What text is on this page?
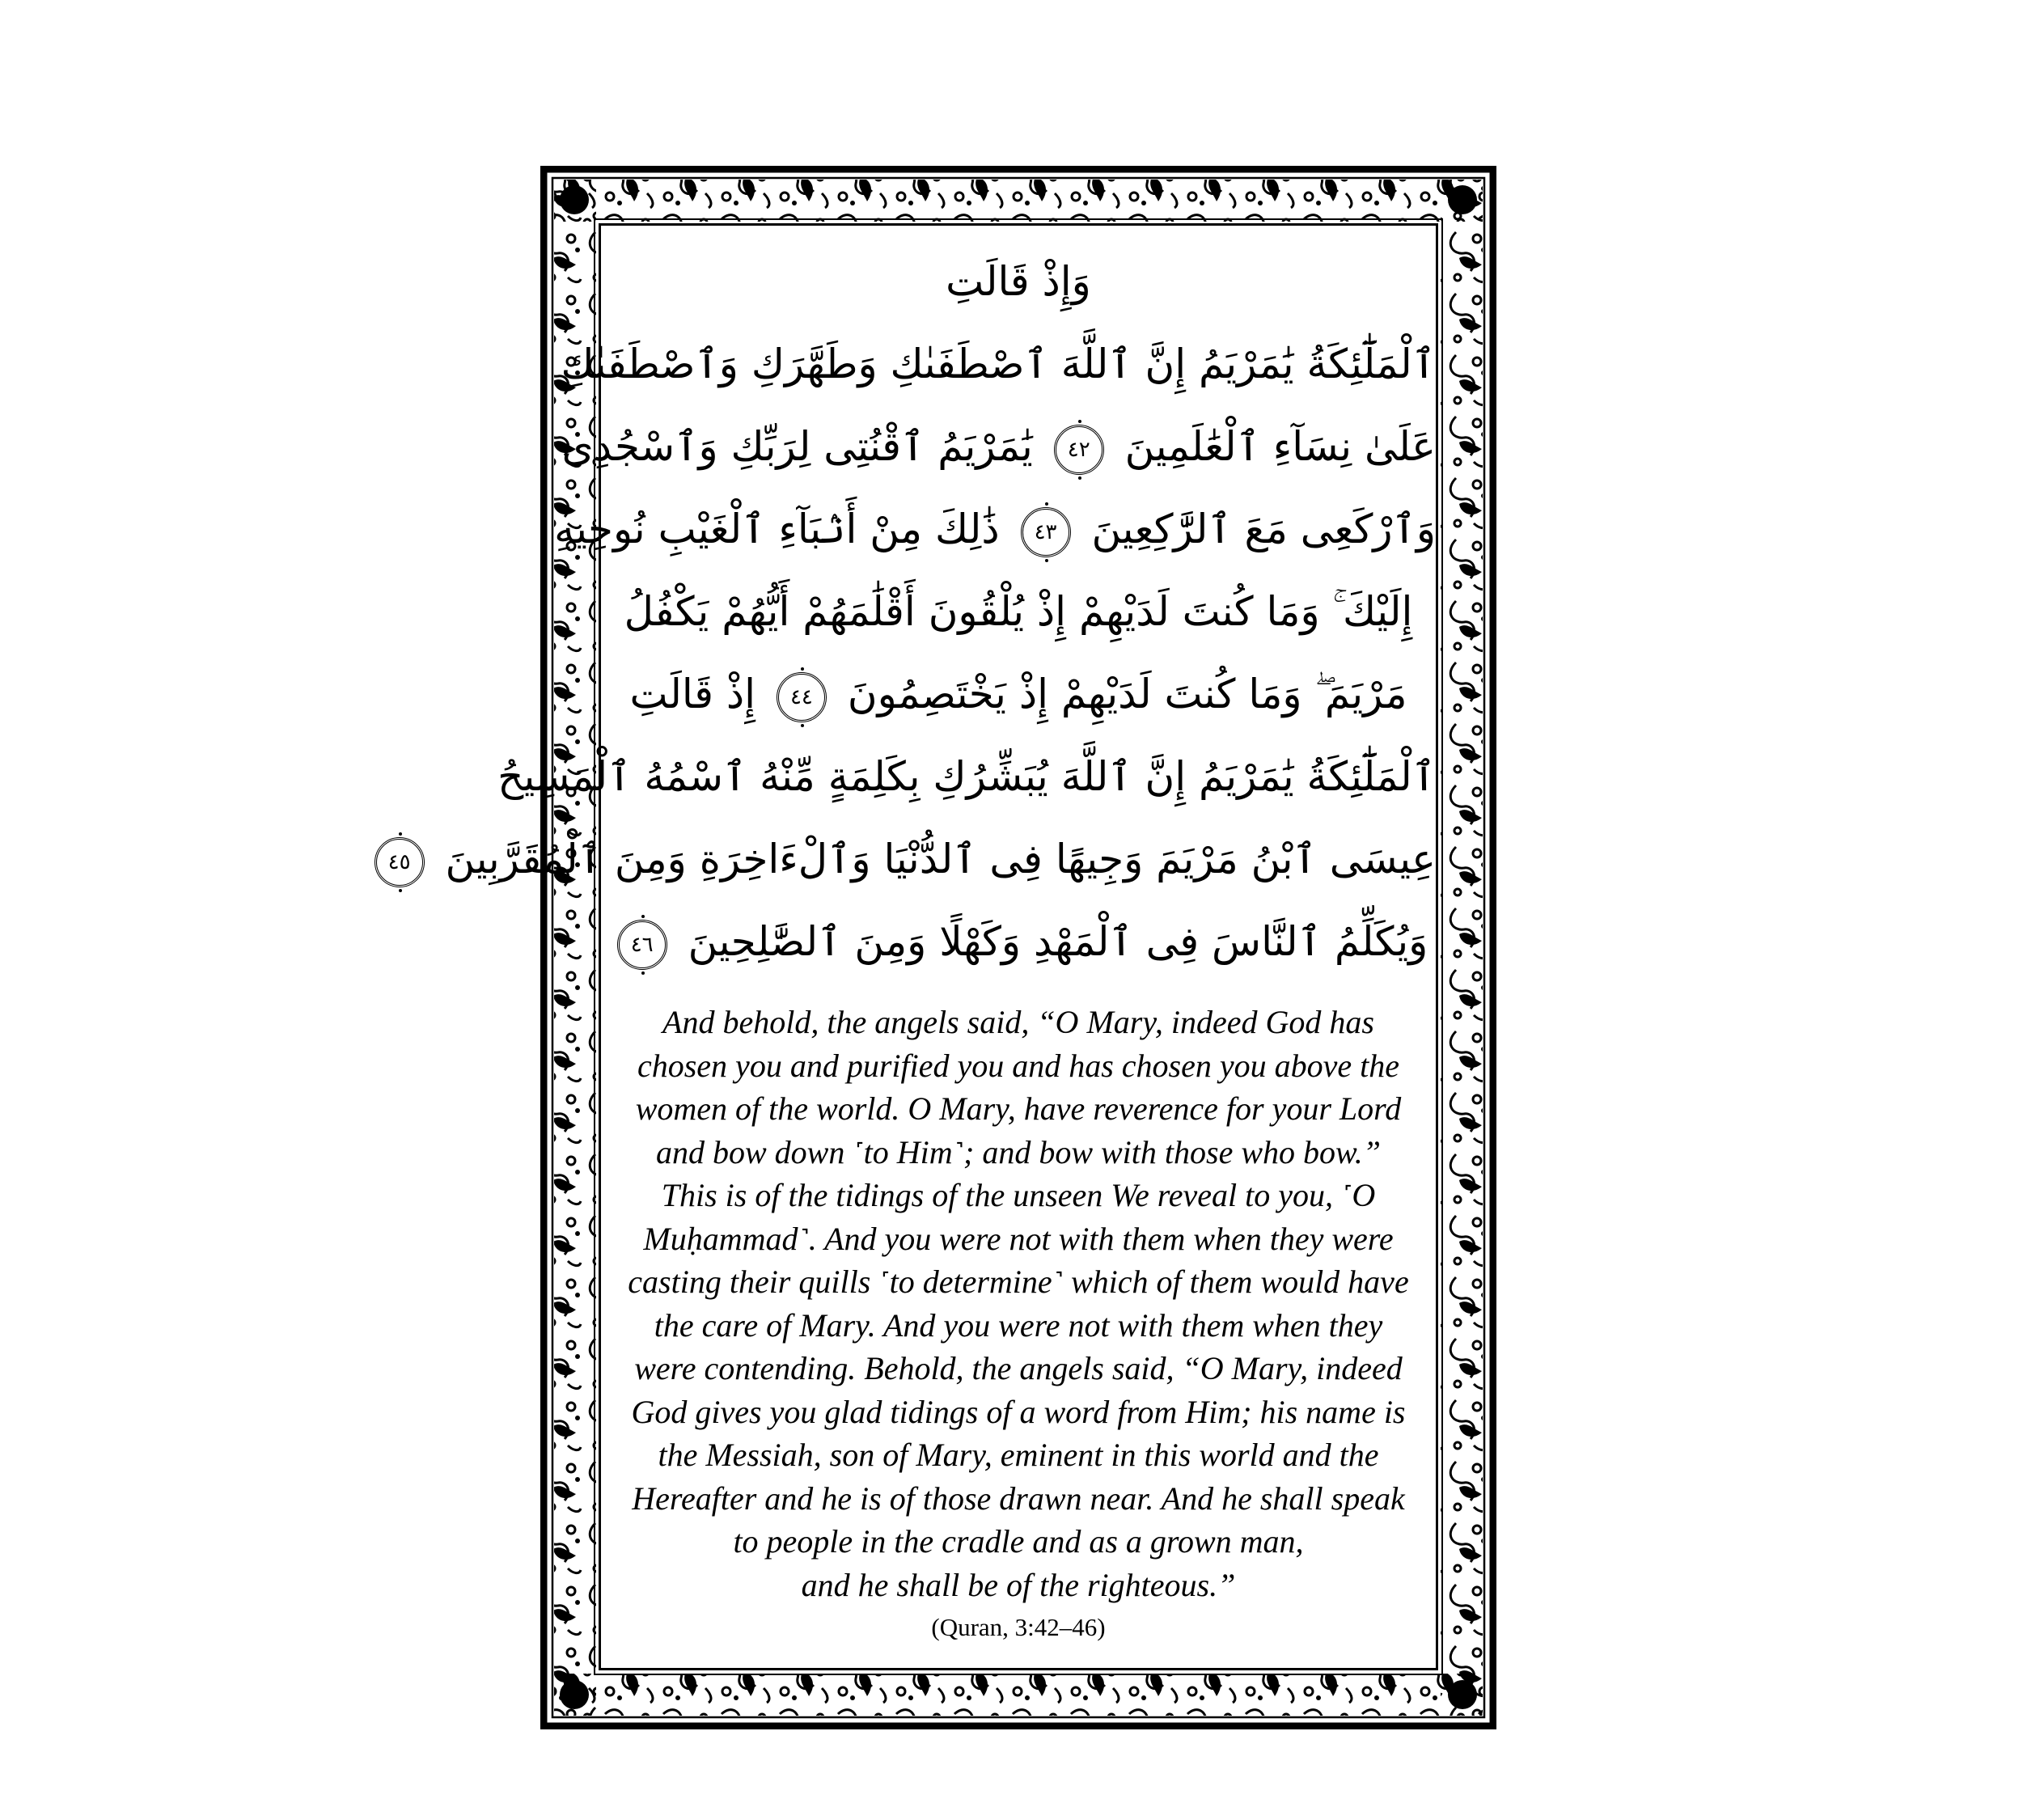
وَإِذْ قَالَتِ
ٱلْمَلَٰٓئِكَةُ يَٰمَرْيَمُ إِنَّ ٱللَّهَ ٱصْطَفَىٰكِ وَطَهَّرَكِ وَٱصْطَفَىٰكِ
عَلَىٰ نِسَآءِ ٱلْعَٰلَمِينَ ٤٢ يَٰمَرْيَمُ ٱقْنُتِى لِرَبِّكِ وَٱسْجُدِى
وَٱرْكَعِى مَعَ ٱلرَّٰكِعِينَ ٤٣ ذَٰلِكَ مِنْ أَنۢبَآءِ ٱلْغَيْبِ نُوحِيهِ
إِلَيْكَ ۚ وَمَا كُنتَ لَدَيْهِمْ إِذْ يُلْقُونَ أَقْلَٰمَهُمْ أَيُّهُمْ يَكْفُلُ
مَرْيَمَ ۖ وَمَا كُنتَ لَدَيْهِمْ إِذْ يَخْتَصِمُونَ ٤٤ إِذْ قَالَتِ
ٱلْمَلَٰٓئِكَةُ يَٰمَرْيَمُ إِنَّ ٱللَّهَ يُبَشِّرُكِ بِكَلِمَةٍ مِّنْهُ ٱسْمُهُ ٱلْمَسِيحُ
عِيسَى ٱبْنُ مَرْيَمَ وَجِيهًا فِى ٱلدُّنْيَا وَٱلْءَاخِرَةِ وَمِنَ ٱلْمُقَرَّبِينَ ٤٥
وَيُكَلِّمُ ٱلنَّاسَ فِى ٱلْمَهْدِ وَكَهْلًا وَمِنَ ٱلصَّٰلِحِينَ ٤٦
And behold, the angels said, “O Mary, indeed God has
chosen you and purified you and has chosen you above the
women of the world. O Mary, have reverence for your Lord
and bow down ˹to Him˺; and bow with those who bow.”
This is of the tidings of the unseen We reveal to you, ˹O
Muḥammad˺. And you were not with them when they were
casting their quills ˹to determine˺ which of them would have
the care of Mary. And you were not with them when they
were contending. Behold, the angels said, “O Mary, indeed
God gives you glad tidings of a word from Him; his name is
the Messiah, son of Mary, eminent in this world and the
Hereafter and he is of those drawn near. And he shall speak
to people in the cradle and as a grown man,
and he shall be of the righteous.”
(Quran, 3:42–46)
